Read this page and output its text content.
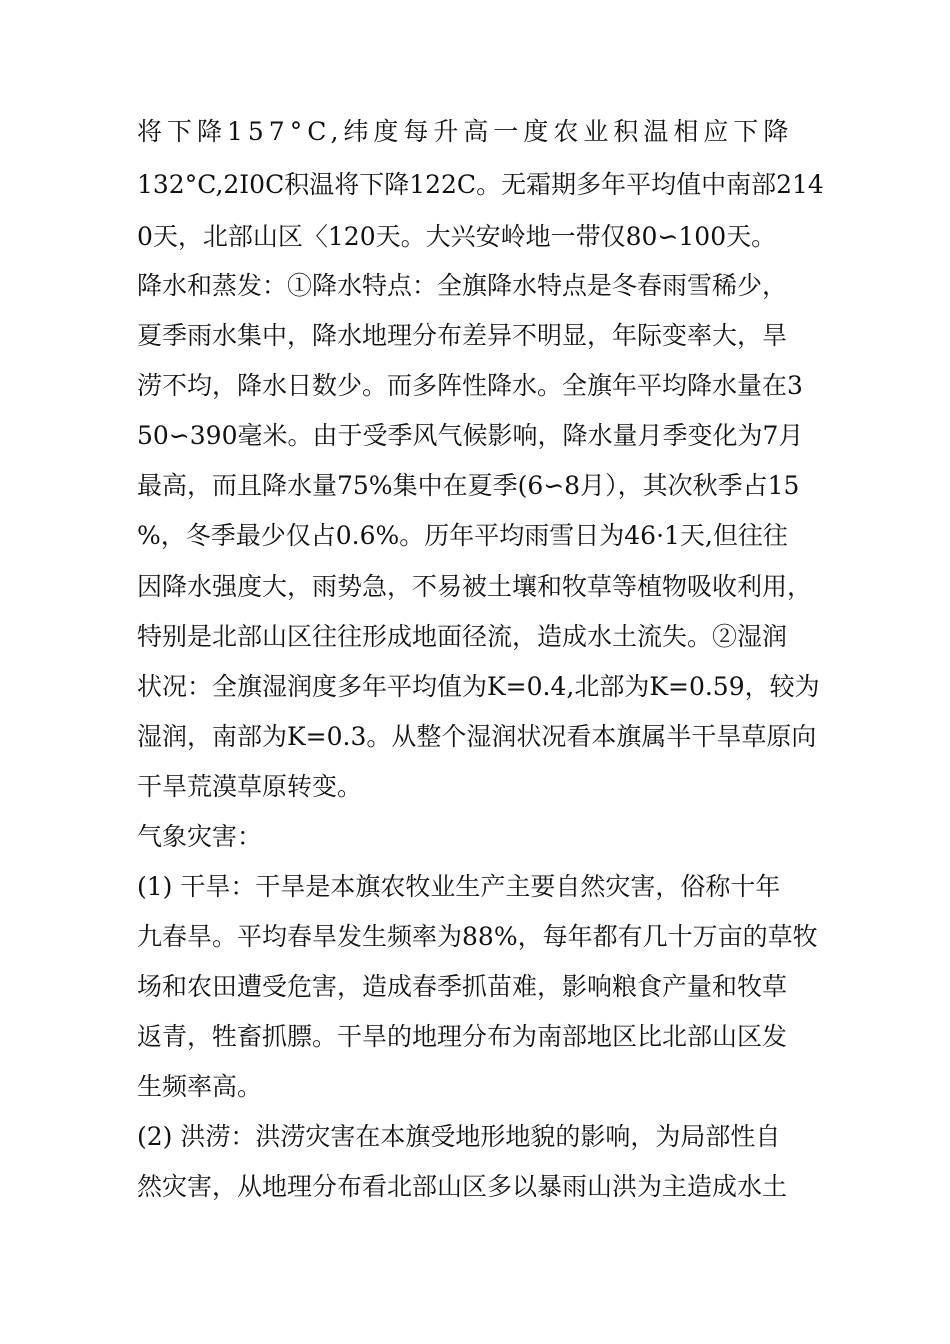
将下降157°C,纬度每升高一度农业积温相应下降
132°C,2I0C积温将下降122C。无霜期多年平均值中南部214
0天，北部山区〈120天。大兴安岭地一带仅80∽100天。
降水和蒸发：①降水特点：全旗降水特点是冬春雨雪稀少，
夏季雨水集中，降水地理分布差异不明显，年际变率大，旱
涝不均，降水日数少。而多阵性降水。全旗年平均降水量在3
50∽390毫米。由于受季风气候影响，降水量月季变化为7月
最高，而且降水量75%集中在夏季(6∽8月），其次秋季占15
%，冬季最少仅占0.6%。历年平均雨雪日为46·1天,但往往
因降水强度大，雨势急，不易被土壤和牧草等植物吸收利用，
特别是北部山区往往形成地面径流，造成水土流失。②湿润
状况：全旗湿润度多年平均值为K=0.4,北部为K=0.59，较为
湿润，南部为K=0.3。从整个湿润状况看本旗属半干旱草原向
干旱荒漠草原转变。
气象灾害：
(1) 干旱：干旱是本旗农牧业生产主要自然灾害，俗称十年
九春旱。平均春旱发生频率为88%，每年都有几十万亩的草牧
场和农田遭受危害，造成春季抓苗难，影响粮食产量和牧草
返青，牲畜抓膘。干旱的地理分布为南部地区比北部山区发
生频率高。
(2) 洪涝：洪涝灾害在本旗受地形地貌的影响，为局部性自
然灾害，从地理分布看北部山区多以暴雨山洪为主造成水土
